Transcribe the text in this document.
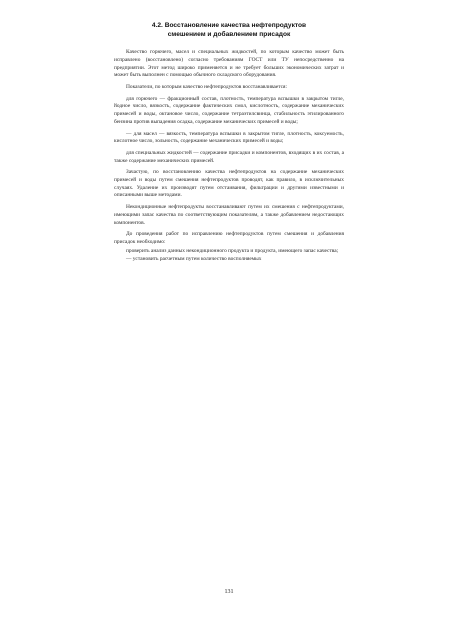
4.2. Восстановление качества нефтепродуктов
смешением и добавлением присадок

Качество горючего, масел и специальных жидкостей, по которым качество может быть исправлено (восстановлено) согласно требованиям ГОСТ или ТУ непосредственно на предприятии. Этот метод широко применяется и не требует больших экономических затрат и может быть выполнен с помощью обычного складского оборудования.

Показатели, по которым качество нефтепродуктов восстанавливается:

для горючего — фракционный состав, плотность, температура вспышки в закрытом тигле, йодное число, вязкость, содержание фактических смол, кислотность, содержание механических примесей и воды, октановое число, содержание тетраэтилсвинца, стабильность этилированного бензина против выпадения осадка, содержание механических примесей и воды;

— для масел — вязкость, температура вспышки в закрытом тигле, плотность, коксуемость, кислотное число, зольность, содержание механических примесей и воды;

для специальных жидкостей — содержание присадки и компонентов, входящих в их состав, а также содержание механических примесей.

Зачастую, по восстановлению качества нефтепродуктов на содержание механических примесей и воды путем смешения нефтепродуктов проводят, как правило, в исключительных случаях. Удаление их производят путем отстаивания, фильтрации и другими известными и описанными выше методами.

Некондиционные нефтепродукты восстанавливают путем их смешения с нефтепродуктами, имеющими запас качества по соответствующим показателям, а также добавлением недостающих компонентов.

До проведения работ по исправлению нефтепродуктов путем смешения и добавления присадок необходимо:

проверить анализ данных некондиционного продукта и продукта, имеющего запас качества;

— установить расчетным путем количество восполняемых

131
